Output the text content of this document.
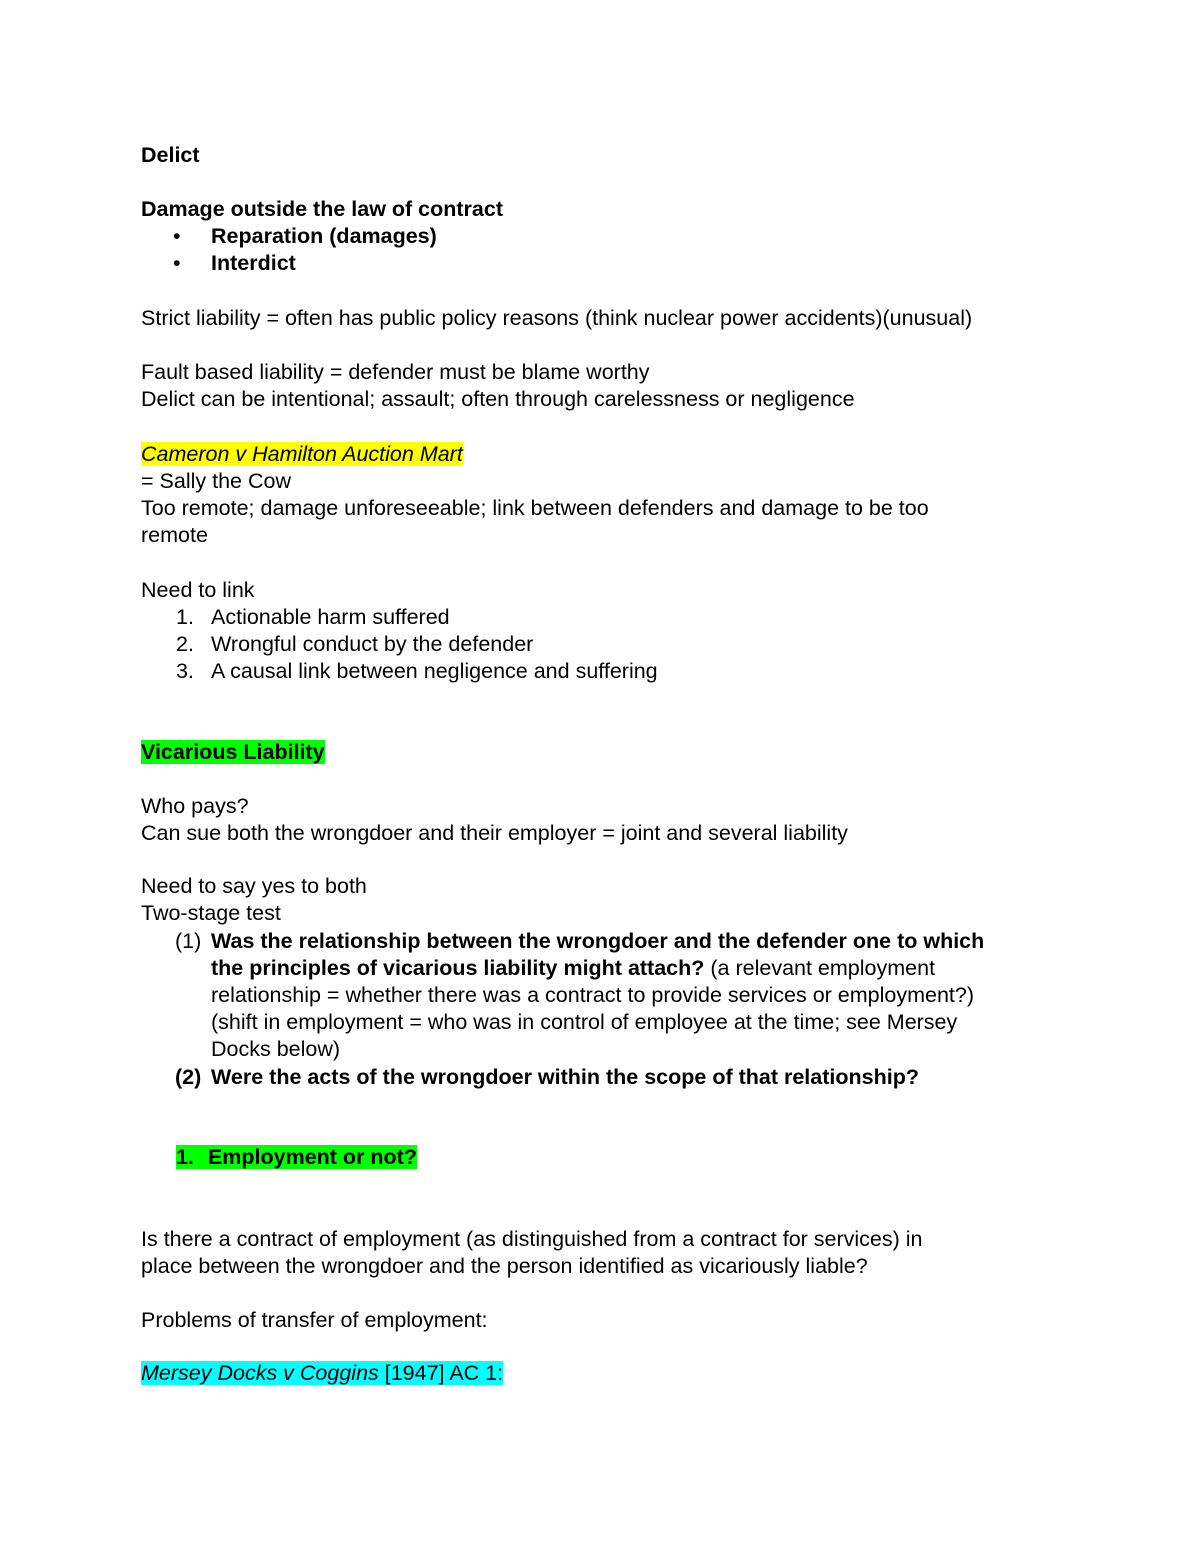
Delict
Damage outside the law of contract
• Reparation (damages)
• Interdict
Strict liability = often has public policy reasons (think nuclear power accidents)(unusual)
Fault based liability = defender must be blame worthy
Delict can be intentional; assault; often through carelessness or negligence
Cameron v Hamilton Auction Mart
= Sally the Cow
Too remote; damage unforeseeable; link between defenders and damage to be too
remote
Need to link
1. Actionable harm suffered
2. Wrongful conduct by the defender
3. A causal link between negligence and suffering
Vicarious Liability
Who pays?
Can sue both the wrongdoer and their employer = joint and several liability
Need to say yes to both
Two-stage test
(1) Was the relationship between the wrongdoer and the defender one to which
the principles of vicarious liability might attach? (a relevant employment
relationship = whether there was a contract to provide services or employment?)
(shift in employment = who was in control of employee at the time; see Mersey
Docks below)
(2) Were the acts of the wrongdoer within the scope of that relationship?
1. Employment or not?
Is there a contract of employment (as distinguished from a contract for services) in
place between the wrongdoer and the person identified as vicariously liable?
Problems of transfer of employment:
Mersey Docks v Coggins [1947] AC 1:
